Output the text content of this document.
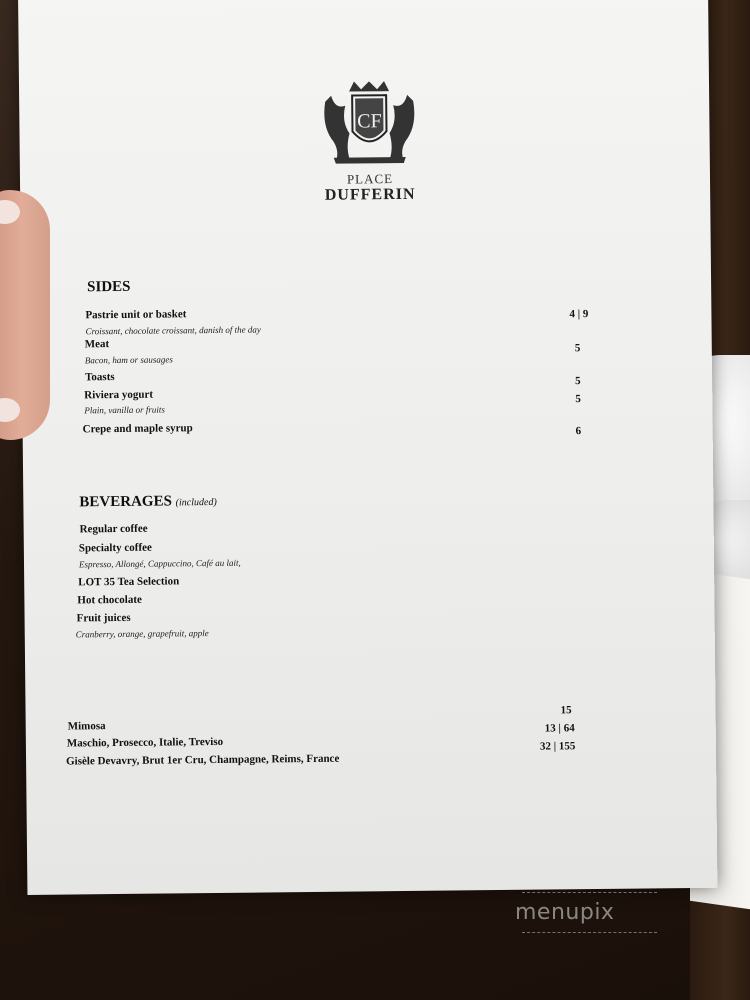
CF
PLACE
DUFFERIN
SIDES
Pastrie unit or basket
Croissant, chocolate croissant, danish of the day
4 | 9
Meat
Bacon, ham or sausages
5
Toasts	5
Riviera yogurt
Plain, vanilla or fruits
5
Crepe and maple syrup	6
BEVERAGES (included)
Regular coffee
Specialty coffee
Espresso, Allongé, Cappuccino, Café au lait,
LOT 35 Tea Selection
Hot chocolate
Fruit juices
Cranberry, orange, grapefruit, apple
Mimosa
15
Maschio, Prosecco, Italie, Treviso
13 | 64
Gisèle Devavry, Brut 1er Cru, Champagne, Reims, France
32 | 155
menupix
